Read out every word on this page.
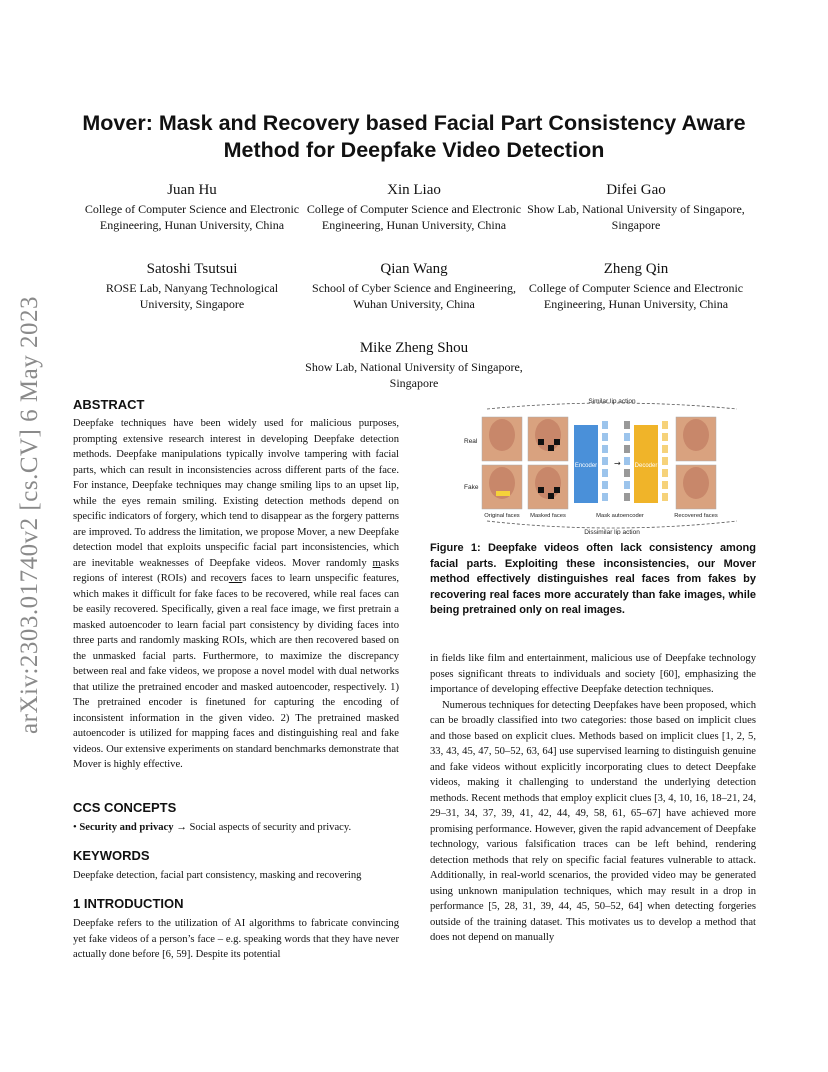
arXiv:2303.01740v2 [cs.CV] 6 May 2023
Mover: Mask and Recovery based Facial Part Consistency Aware
Method for Deepfake Video Detection
Juan Hu
College of Computer Science and Electronic Engineering, Hunan University, China
Xin Liao
College of Computer Science and Electronic Engineering, Hunan University, China
Difei Gao
Show Lab, National University of Singapore, Singapore
Satoshi Tsutsui
ROSE Lab, Nanyang Technological University, Singapore
Qian Wang
School of Cyber Science and Engineering, Wuhan University, China
Zheng Qin
College of Computer Science and Electronic Engineering, Hunan University, China
Mike Zheng Shou
Show Lab, National University of Singapore, Singapore
ABSTRACT

Deepfake techniques have been widely used for malicious purposes, prompting extensive research interest in developing Deepfake detection methods. Deepfake manipulations typically involve tampering with facial parts, which can result in inconsistencies across different parts of the face. For instance, Deepfake techniques may change smiling lips to an upset lip, while the eyes remain smiling. Existing detection methods depend on specific indicators of forgery, which tend to disappear as the forgery patterns are improved. To address the limitation, we propose Mover, a new Deepfake detection model that exploits unspecific facial part inconsistencies, which are inevitable weaknesses of Deepfake videos. Mover randomly masks regions of interest (ROIs) and recovers faces to learn unspecific features, which makes it difficult for fake faces to be recovered, while real faces can be easily recovered. Specifically, given a real face image, we first pretrain a masked autoencoder to learn facial part consistency by dividing faces into three parts and randomly masking ROIs, which are then recovered based on the unmasked facial parts. Furthermore, to maximize the discrepancy between real and fake videos, we propose a novel model with dual networks that utilize the pretrained encoder and masked autoencoder, respectively. 1) The pretrained encoder is finetuned for capturing the encoding of inconsistent information in the given video. 2) The pretrained masked autoencoder is utilized for mapping faces and distinguishing real and fake videos. Our extensive experiments on standard benchmarks demonstrate that Mover is highly effective.

CCS CONCEPTS

• Security and privacy → Social aspects of security and privacy.

KEYWORDS

Deepfake detection, facial part consistency, masking and recovering

1 INTRODUCTION

Deepfake refers to the utilization of AI algorithms to fabricate convincing yet fake videos of a person’s face – e.g. speaking words that they have never actually done before [6, 59]. Despite its potential

Similar lip action
Dissimilar lip action
Real
Fake
Encoder → Decoder
Original faces Masked faces	Mask autoencoder	Recovered faces
Figure 1: Deepfake videos often lack consistency among facial parts. Exploiting these inconsistencies, our Mover method effectively distinguishes real faces from fakes by recovering real faces more accurately than fake images, while being pretrained only on real images.

in fields like film and entertainment, malicious use of Deepfake technology poses significant threats to individuals and society [60], emphasizing the importance of developing effective Deepfake detection techniques.

Numerous techniques for detecting Deepfakes have been proposed, which can be broadly classified into two categories: those based on implicit clues and those based on explicit clues. Methods based on implicit clues [1, 2, 5, 33, 43, 45, 47, 50–52, 63, 64] use supervised learning to distinguish genuine and fake videos without explicitly incorporating clues to detect Deepfake videos, making it challenging to understand the underlying detection methods. Recent methods that employ explicit clues [3, 4, 10, 16, 18–21, 24, 29–31, 34, 37, 39, 41, 42, 44, 49, 58, 61, 65–67] have achieved more promising performance. However, given the rapid advancement of Deepfake technology, various falsification traces can be left behind, rendering detection methods that rely on specific facial features vulnerable to attack. Additionally, in real-world scenarios, the provided video may be generated using unknown manipulation techniques, which may result in a drop in performance [5, 28, 31, 39, 44, 45, 50–52, 64] when detecting forgeries outside of the training dataset. This motivates us to develop a method that does not depend on manually
